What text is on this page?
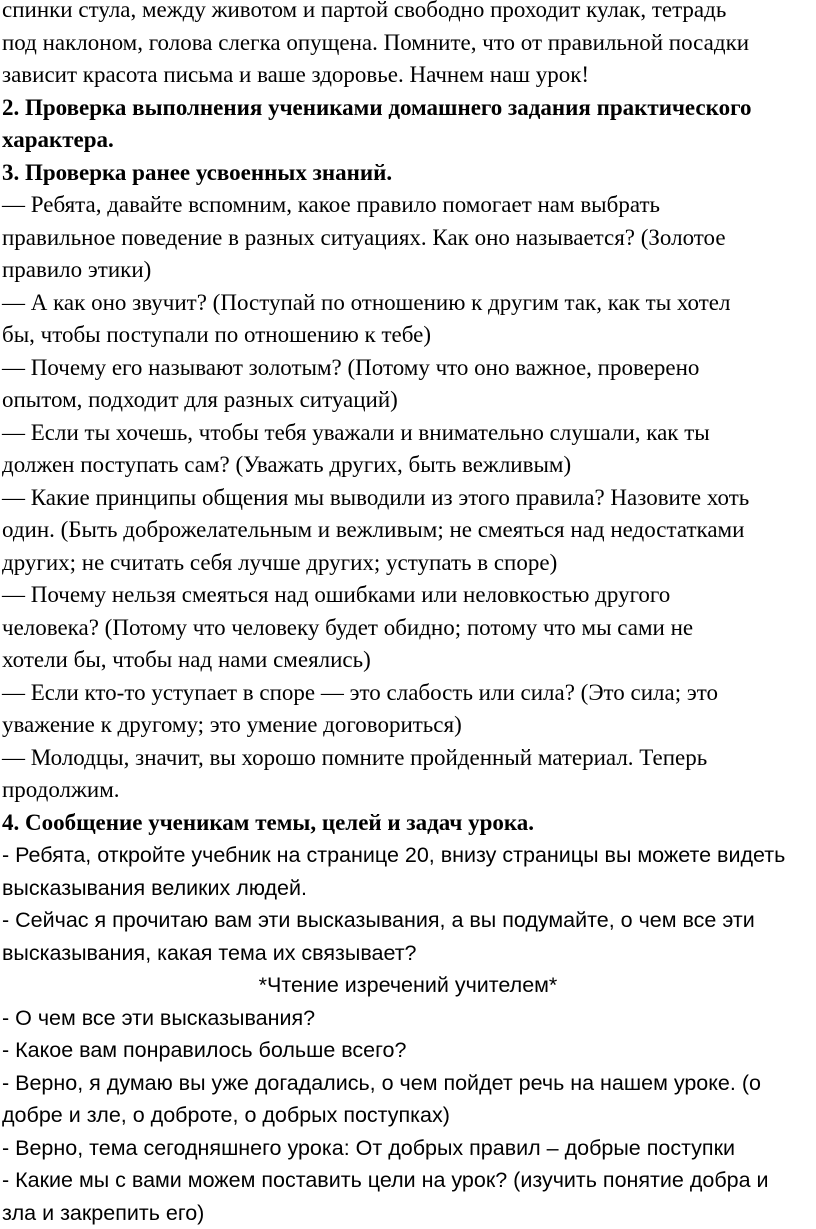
спинки стула, между животом и партой свободно проходит кулак, тетрадь
под наклоном, голова слегка опущена. Помните, что от правильной посадки
зависит красота письма и ваше здоровье. Начнем наш урок!
2. Проверка выполнения учениками домашнего задания практического
характера.
3. Проверка ранее усвоенных знаний.
— Ребята, давайте вспомним, какое правило помогает нам выбрать
правильное поведение в разных ситуациях. Как оно называется? (Золотое
правило этики)
— А как оно звучит? (Поступай по отношению к другим так, как ты хотел
бы, чтобы поступали по отношению к тебе)
— Почему его называют золотым? (Потому что оно важное, проверено
опытом, подходит для разных ситуаций)
— Если ты хочешь, чтобы тебя уважали и внимательно слушали, как ты
должен поступать сам? (Уважать других, быть вежливым)
— Какие принципы общения мы выводили из этого правила? Назовите хоть
один. (Быть доброжелательным и вежливым; не смеяться над недостатками
других; не считать себя лучше других; уступать в споре)
— Почему нельзя смеяться над ошибками или неловкостью другого
человека? (Потому что человеку будет обидно; потому что мы сами не
хотели бы, чтобы над нами смеялись)
— Если кто-то уступает в споре — это слабость или сила? (Это сила; это
уважение к другому; это умение договориться)
— Молодцы, значит, вы хорошо помните пройденный материал. Теперь
продолжим.
4. Сообщение ученикам темы, целей и задач урока.
- Ребята, откройте учебник на странице 20, внизу страницы вы можете видеть
высказывания великих людей.
- Сейчас я прочитаю вам эти высказывания, а вы подумайте, о чем все эти
высказывания, какая тема их связывает?
*Чтение изречений учителем*
- О чем все эти высказывания?
- Какое вам понравилось больше всего?
- Верно, я думаю вы уже догадались, о чем пойдет речь на нашем уроке. (о
добре и зле, о доброте, о добрых поступках)
- Верно, тема сегодняшнего урока: От добрых правил – добрые поступки
- Какие мы с вами можем поставить цели на урок? (изучить понятие добра и
зла и закрепить его)
